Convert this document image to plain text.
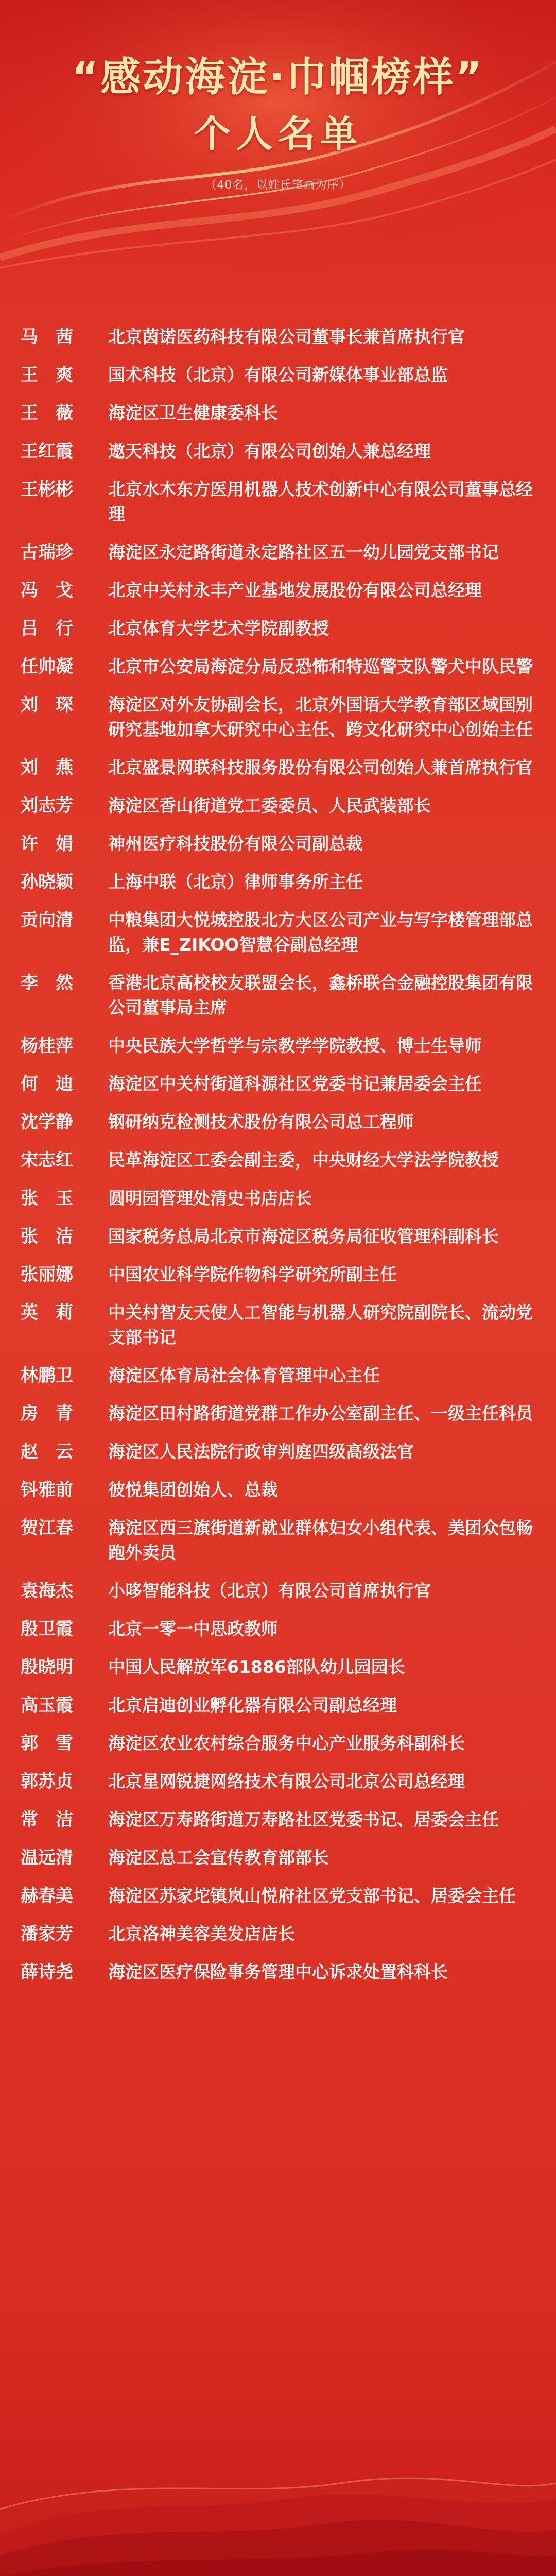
“感动海淀·巾帼榜样”
个人名单
（40名，以姓氏笔画为序）
马　茜	北京茵诺医药科技有限公司董事长兼首席执行官
王　爽	国术科技（北京）有限公司新媒体事业部总监
王　薇	海淀区卫生健康委科长
王红霞	遨天科技（北京）有限公司创始人兼总经理
王彬彬	北京水木东方医用机器人技术创新中心有限公司董事总经理
古瑞珍	海淀区永定路街道永定路社区五一幼儿园党支部书记
冯　戈	北京中关村永丰产业基地发展股份有限公司总经理
吕　行	北京体育大学艺术学院副教授
任帅凝	北京市公安局海淀分局反恐怖和特巡警支队警犬中队民警
刘　琛	海淀区对外友协副会长，北京外国语大学教育部区域国别研究基地加拿大研究中心主任、跨文化研究中心创始主任
刘　燕	北京盛景网联科技服务股份有限公司创始人兼首席执行官
刘志芳	海淀区香山街道党工委委员、人民武装部长
许　娟	神州医疗科技股份有限公司副总裁
孙晓颖	上海中联（北京）律师事务所主任
贡向清	中粮集团大悦城控股北方大区公司产业与写字楼管理部总监，兼E_ZIKOO智慧谷副总经理
李　然	香港北京高校校友联盟会长，鑫桥联合金融控股集团有限公司董事局主席
杨桂萍	中央民族大学哲学与宗教学学院教授、博士生导师
何　迪	海淀区中关村街道科源社区党委书记兼居委会主任
沈学静	钢研纳克检测技术股份有限公司总工程师
宋志红	民革海淀区工委会副主委，中央财经大学法学院教授
张　玉	圆明园管理处清史书店店长
张　洁	国家税务总局北京市海淀区税务局征收管理科副科长
张丽娜	中国农业科学院作物科学研究所副主任
英　莉	中关村智友天使人工智能与机器人研究院副院长、流动党支部书记
林鹏卫	海淀区体育局社会体育管理中心主任
房　青	海淀区田村路街道党群工作办公室副主任、一级主任科员
赵　云	海淀区人民法院行政审判庭四级高级法官
钭雅前	彼悦集团创始人、总裁
贺江春	海淀区西三旗街道新就业群体妇女小组代表、美团众包畅跑外卖员
袁海杰	小哆智能科技（北京）有限公司首席执行官
殷卫霞	北京一零一中思政教师
殷晓明	中国人民解放军61886部队幼儿园园长
高玉霞	北京启迪创业孵化器有限公司副总经理
郭　雪	海淀区农业农村综合服务中心产业服务科副科长
郭苏贞	北京星网锐捷网络技术有限公司北京公司总经理
常　洁	海淀区万寿路街道万寿路社区党委书记、居委会主任
温远清	海淀区总工会宣传教育部部长
赫春美	海淀区苏家坨镇岚山悦府社区党支部书记、居委会主任
潘家芳	北京洛神美容美发店店长
薛诗尧	海淀区医疗保险事务管理中心诉求处置科科长
